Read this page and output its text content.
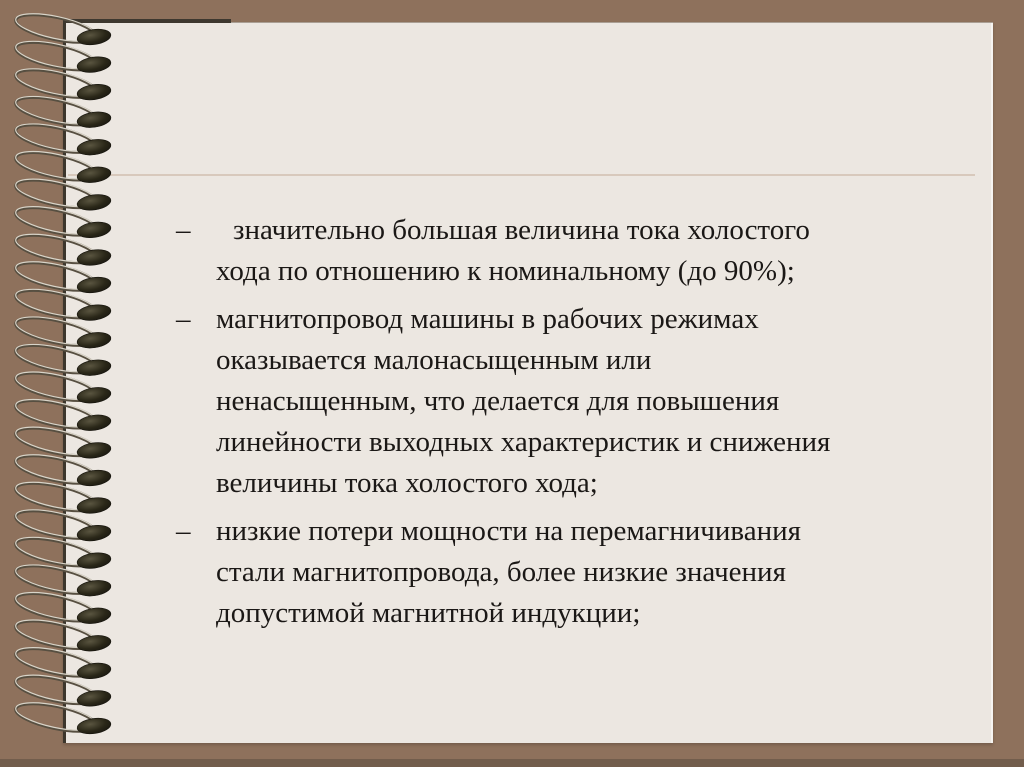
–	значительно большая величина тока холостого
хода по отношению к номинальному (до 90%);
– магнитопровод машины в рабочих режимах
оказывается малонасыщенным или
ненасыщенным, что делается для повышения
линейности выходных характеристик и снижения
величины тока холостого хода;
– низкие потери мощности на перемагничивания
стали магнитопровода, более низкие значения
допустимой магнитной индукции;
